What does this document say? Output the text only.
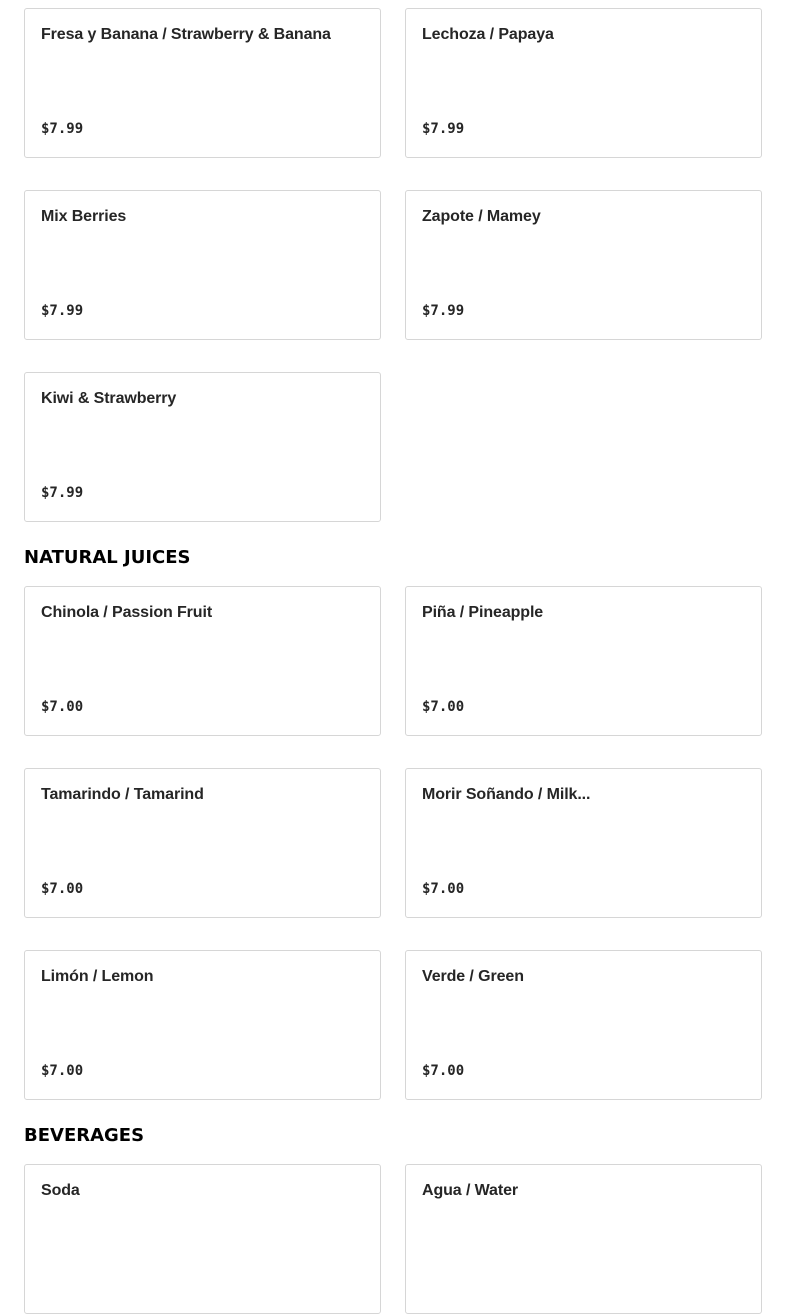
Fresa y Banana / Strawberry & Banana
$7.99
Lechoza / Papaya
$7.99
Mix Berries
$7.99
Zapote / Mamey
$7.99
Kiwi & Strawberry
$7.99
NATURAL JUICES
Chinola / Passion Fruit
$7.00
Piña / Pineapple
$7.00
Tamarindo / Tamarind
$7.00
Morir Soñando / Milk...
$7.00
Limón / Lemon
$7.00
Verde / Green
$7.00
BEVERAGES
Soda	Agua / Water
